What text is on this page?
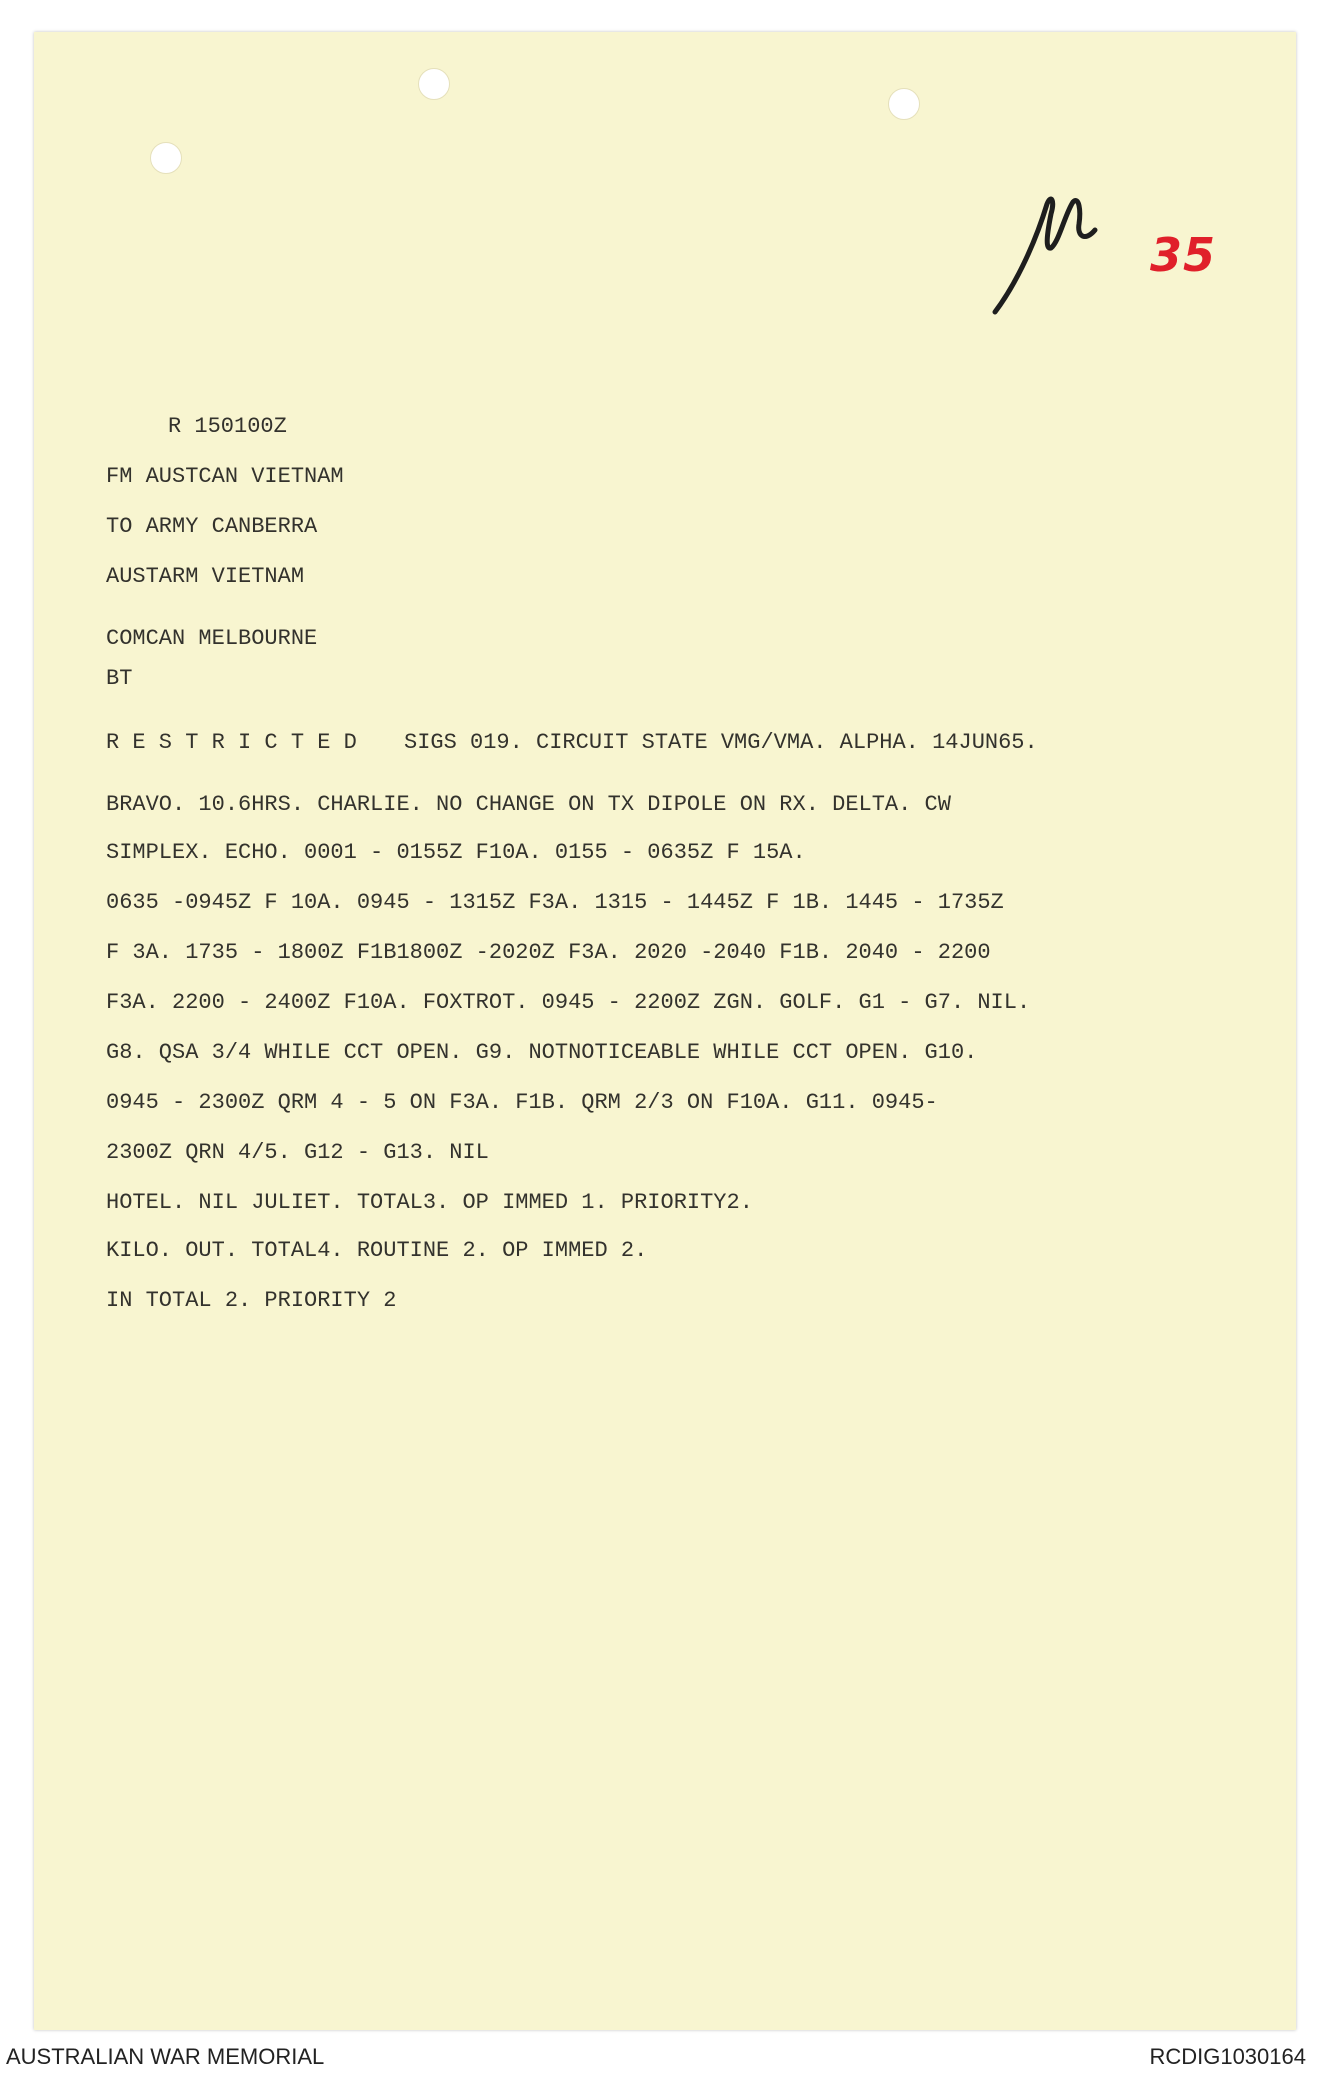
35
R 150100Z
FM AUSTCAN VIETNAM
TO ARMY CANBERRA
AUSTARM VIETNAM
COMCAN MELBOURNE
BT
R E S T R I C T E D SIGS 019. CIRCUIT STATE VMG/VMA. ALPHA. 14JUN65.
BRAVO. 10.6HRS. CHARLIE. NO CHANGE ON TX DIPOLE ON RX. DELTA. CW
SIMPLEX. ECHO. 0001 - 0155Z F10A. 0155 - 0635Z F 15A.
0635 -0945Z F 10A. 0945 - 1315Z F3A. 1315 - 1445Z F 1B. 1445 - 1735Z
F 3A. 1735 - 1800Z F1B1800Z -2020Z F3A. 2020 -2040 F1B. 2040 - 2200
F3A. 2200 - 2400Z F10A. FOXTROT. 0945 - 2200Z ZGN. GOLF. G1 - G7. NIL.
G8. QSA 3/4 WHILE CCT OPEN. G9. NOTNOTICEABLE WHILE CCT OPEN. G10.
0945 - 2300Z QRM 4 - 5 ON F3A. F1B. QRM 2/3 ON F10A. G11. 0945-
2300Z QRN 4/5. G12 - G13. NIL
HOTEL. NIL JULIET. TOTAL3. OP IMMED 1. PRIORITY2.
KILO. OUT. TOTAL4. ROUTINE 2. OP IMMED 2.
IN TOTAL 2. PRIORITY 2
AUSTRALIAN WAR MEMORIAL	RCDIG1030164
